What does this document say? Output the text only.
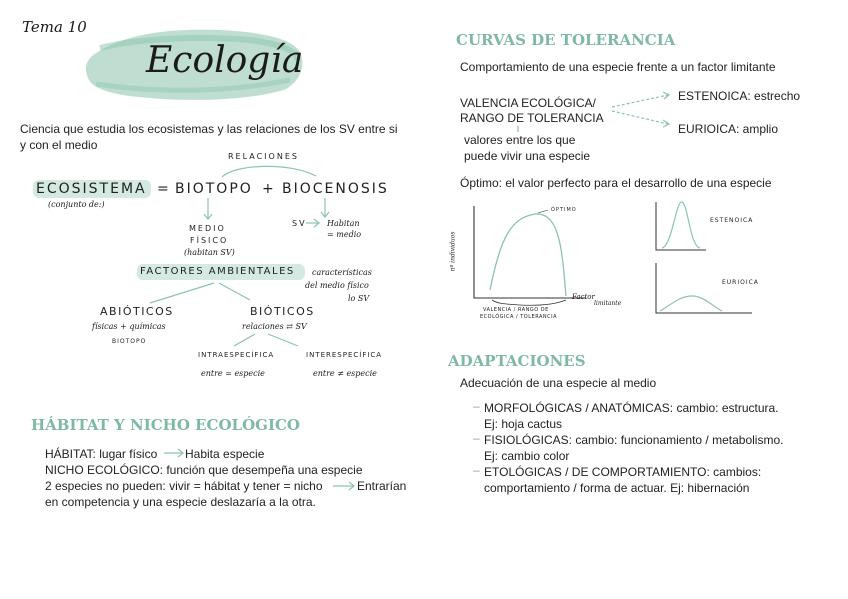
Tema 10
Ecología
Ciencia que estudia los ecosistemas y las relaciones de los SV entre si
y con el medio
RELACIONES
ECOSISTEMA = BIOTOPO + BIOCENOSIS
(conjunto de:)
MEDIO
FÍSICO
(habitan SV)
SV	Habitan
= medio
FACTORES AMBIENTALES características
del medio físico
lo SV
ABIÓTICOS
físicas + químicas
BIOTOPO
BIÓTICOS
relaciones ⇄ SV
INTRAESPECÍFICA
entre = especie
INTERESPECÍFICA
entre ≠ especie
HÁBITAT Y NICHO ECOLÓGICO
HÁBITAT: lugar físico Habita especie
NICHO ECOLÓGICO: función que desempeña una especie
2 especies no pueden: vivir = hábitat y tener = nicho	Entrarían
en competencia y una especie deslazaría a la otra.
CURVAS DE TOLERANCIA
Comportamiento de una especie frente a un factor limitante
VALENCIA ECOLÓGICA/
RANGO DE TOLERANCIA
valores entre los que
puede vivir una especie
ESTENOICA: estrecho
EURIOICA: amplio
Óptimo: el valor perfecto para el desarrollo de una especie
nº individuos
ÓPTIMO
Factor
limitante
VALENCIA / RANGO DE
ECOLÓGICA / TOLERANCIA
ESTENOICA
EURIOICA
ADAPTACIONES
Adecuación de una especie al medio
– MORFOLÓGICAS / ANATÓMICAS: cambio: estructura.
Ej: hoja cactus
– FISIOLÓGICAS: cambio: funcionamiento / metabolismo.
Ej: cambio color
– ETOLÓGICAS / DE COMPORTAMIENTO: cambios:
comportamiento / forma de actuar. Ej: hibernación
